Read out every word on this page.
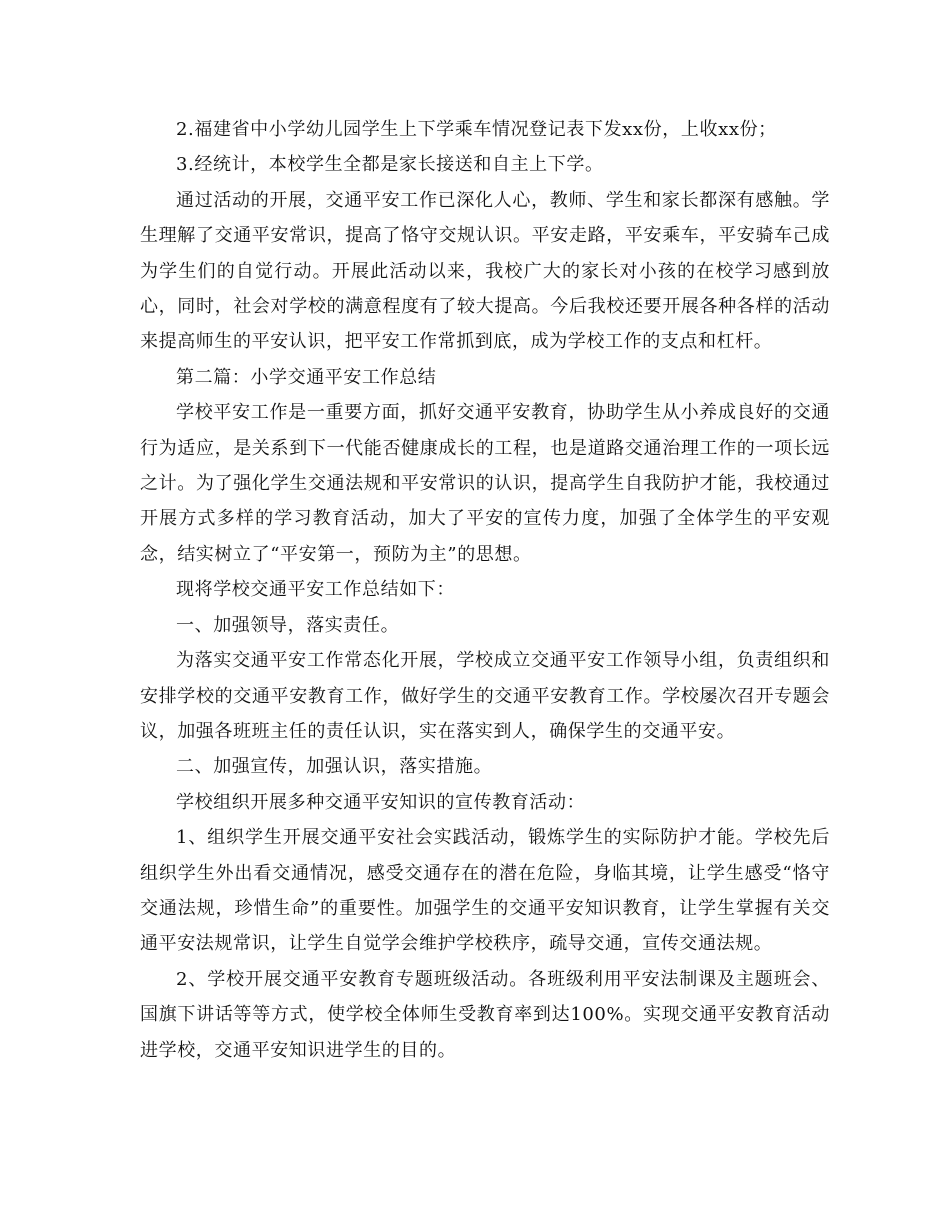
2.福建省中小学幼儿园学生上下学乘车情况登记表下发xx份，上收xx份；

3.经统计，本校学生全都是家长接送和自主上下学。

通过活动的开展，交通平安工作已深化人心，教师、学生和家长都深有感触。学生理解了交通平安常识，提高了恪守交规认识。平安走路，平安乘车，平安骑车己成为学生们的自觉行动。开展此活动以来，我校广大的家长对小孩的在校学习感到放心，同时，社会对学校的满意程度有了较大提高。今后我校还要开展各种各样的活动来提高师生的平安认识，把平安工作常抓到底，成为学校工作的支点和杠杆。

第二篇：小学交通平安工作总结

学校平安工作是一重要方面，抓好交通平安教育，协助学生从小养成良好的交通行为适应，是关系到下一代能否健康成长的工程，也是道路交通治理工作的一项长远之计。为了强化学生交通法规和平安常识的认识，提高学生自我防护才能，我校通过开展方式多样的学习教育活动，加大了平安的宣传力度，加强了全体学生的平安观念，结实树立了“平安第一，预防为主”的思想。

现将学校交通平安工作总结如下：

一、加强领导，落实责任。

为落实交通平安工作常态化开展，学校成立交通平安工作领导小组，负责组织和安排学校的交通平安教育工作，做好学生的交通平安教育工作。学校屡次召开专题会议，加强各班班主任的责任认识，实在落实到人，确保学生的交通平安。

二、加强宣传，加强认识，落实措施。

学校组织开展多种交通平安知识的宣传教育活动：

1、组织学生开展交通平安社会实践活动，锻炼学生的实际防护才能。学校先后组织学生外出看交通情况，感受交通存在的潜在危险，身临其境，让学生感受“恪守交通法规，珍惜生命”的重要性。加强学生的交通平安知识教育，让学生掌握有关交通平安法规常识，让学生自觉学会维护学校秩序，疏导交通，宣传交通法规。

2、学校开展交通平安教育专题班级活动。各班级利用平安法制课及主题班会、国旗下讲话等等方式，使学校全体师生受教育率到达100%。实现交通平安教育活动进学校，交通平安知识进学生的目的。
